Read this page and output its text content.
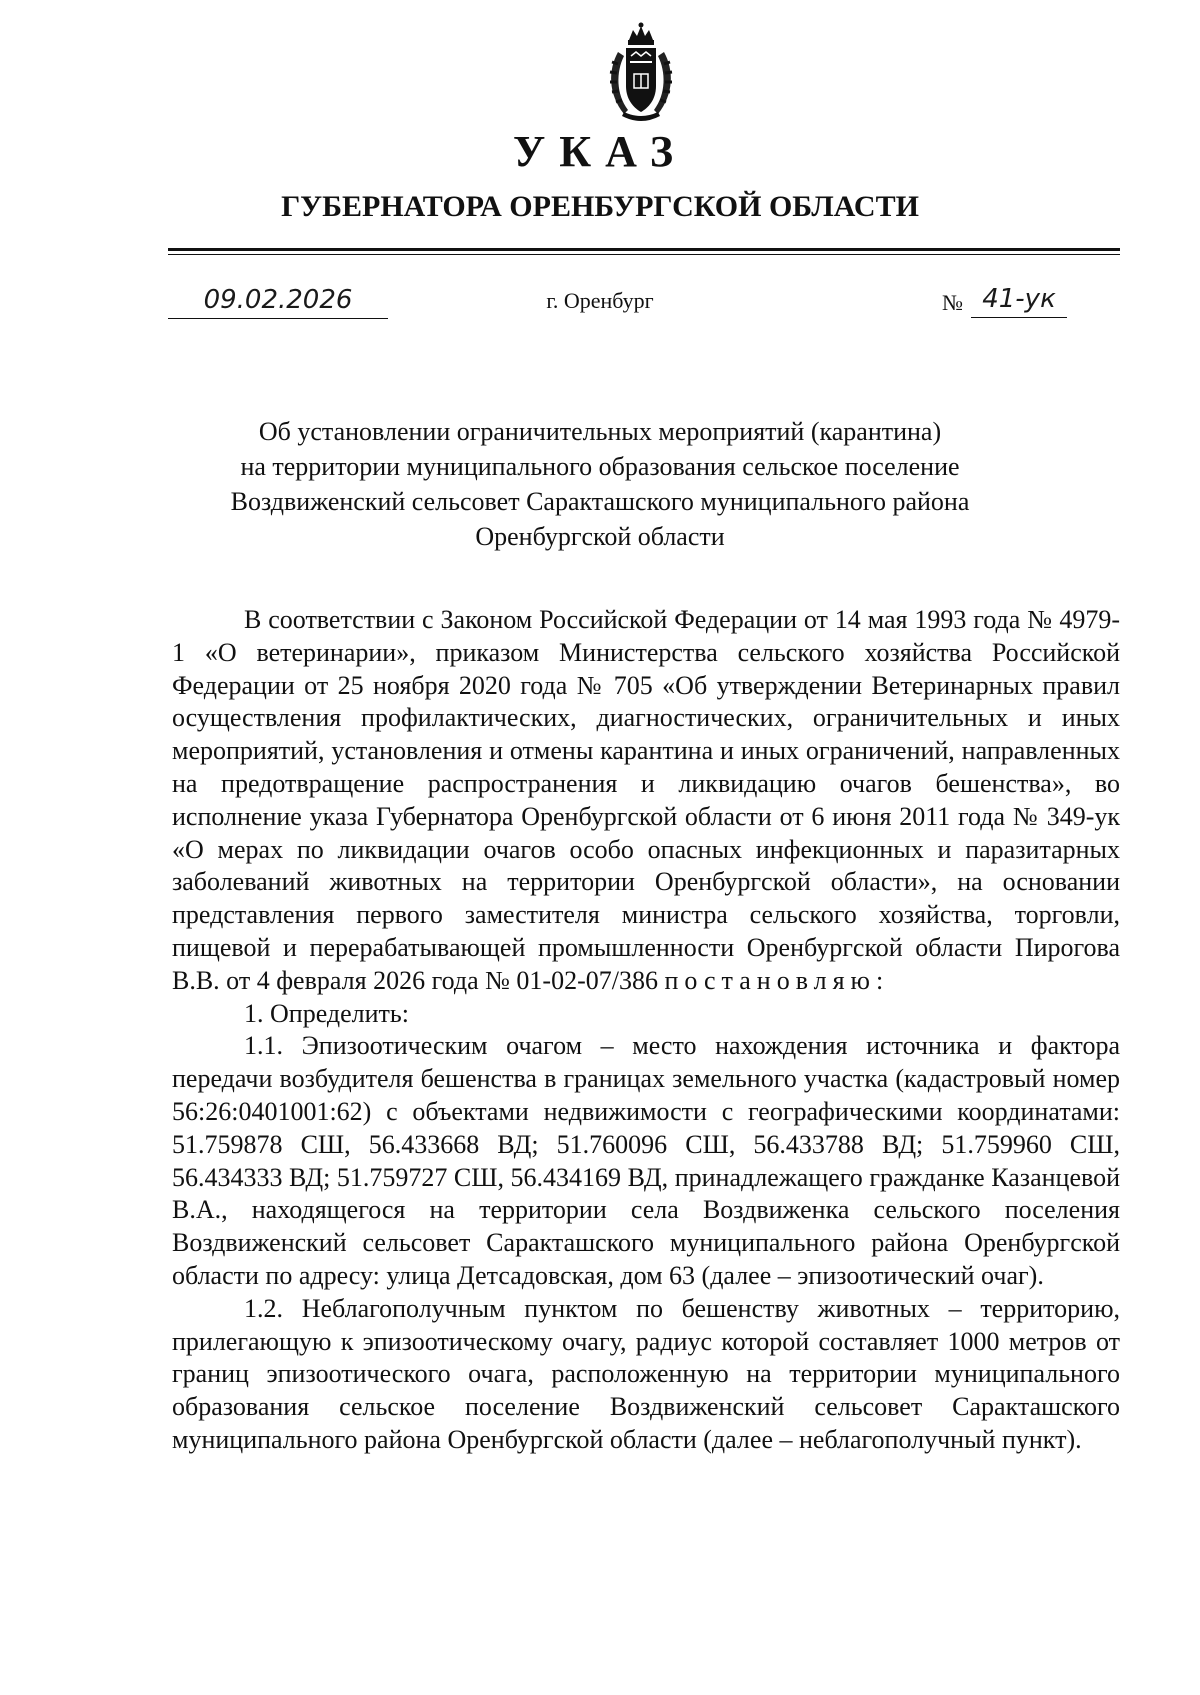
УКАЗ
ГУБЕРНАТОРА ОРЕНБУРГСКОЙ ОБЛАСТИ
09.02.2026	г. Оренбург	№ 41-ук
Об установлении ограничительных мероприятий (карантина)
на территории муниципального образования сельское поселение
Воздвиженский сельсовет Саракташского муниципального района
Оренбургской области

В соответствии с Законом Российской Федерации от 14 мая 1993 года № 4979-1 «О ветеринарии», приказом Министерства сельского хозяйства Российской Федерации от 25 ноября 2020 года № 705 «Об утверждении Ветеринарных правил осуществления профилактических, диагностических, ограничительных и иных мероприятий, установления и отмены карантина и иных ограничений, направленных на предотвращение распространения и ликвидацию очагов бешенства», во исполнение указа Губернатора Оренбургской области от 6 июня 2011 года № 349-ук «О мерах по ликвидации очагов особо опасных инфекционных и паразитарных заболеваний животных на территории Оренбургской области», на основании представления первого заместителя министра сельского хозяйства, торговли, пищевой и перерабатывающей промышленности Оренбургской области Пирогова В.В. от 4 февраля 2026 года № 01-02-07/386 постановляю:

1. Определить:

1.1. Эпизоотическим очагом – место нахождения источника и фактора передачи возбудителя бешенства в границах земельного участка (кадастровый номер 56:26:0401001:62) с объектами недвижимости с географическими координатами: 51.759878 СШ, 56.433668 ВД; 51.760096 СШ, 56.433788 ВД; 51.759960 СШ, 56.434333 ВД; 51.759727 СШ, 56.434169 ВД, принадлежащего гражданке Казанцевой В.А., находящегося на территории села Воздвиженка сельского поселения Воздвиженский сельсовет Саракташского муниципального района Оренбургской области по адресу: улица Детсадовская, дом 63 (далее – эпизоотический очаг).

1.2. Неблагополучным пунктом по бешенству животных – территорию, прилегающую к эпизоотическому очагу, радиус которой составляет 1000 метров от границ эпизоотического очага, расположенную на территории муниципального образования сельское поселение Воздвиженский сельсовет Саракташского муниципального района Оренбургской области (далее – неблагополучный пункт).
